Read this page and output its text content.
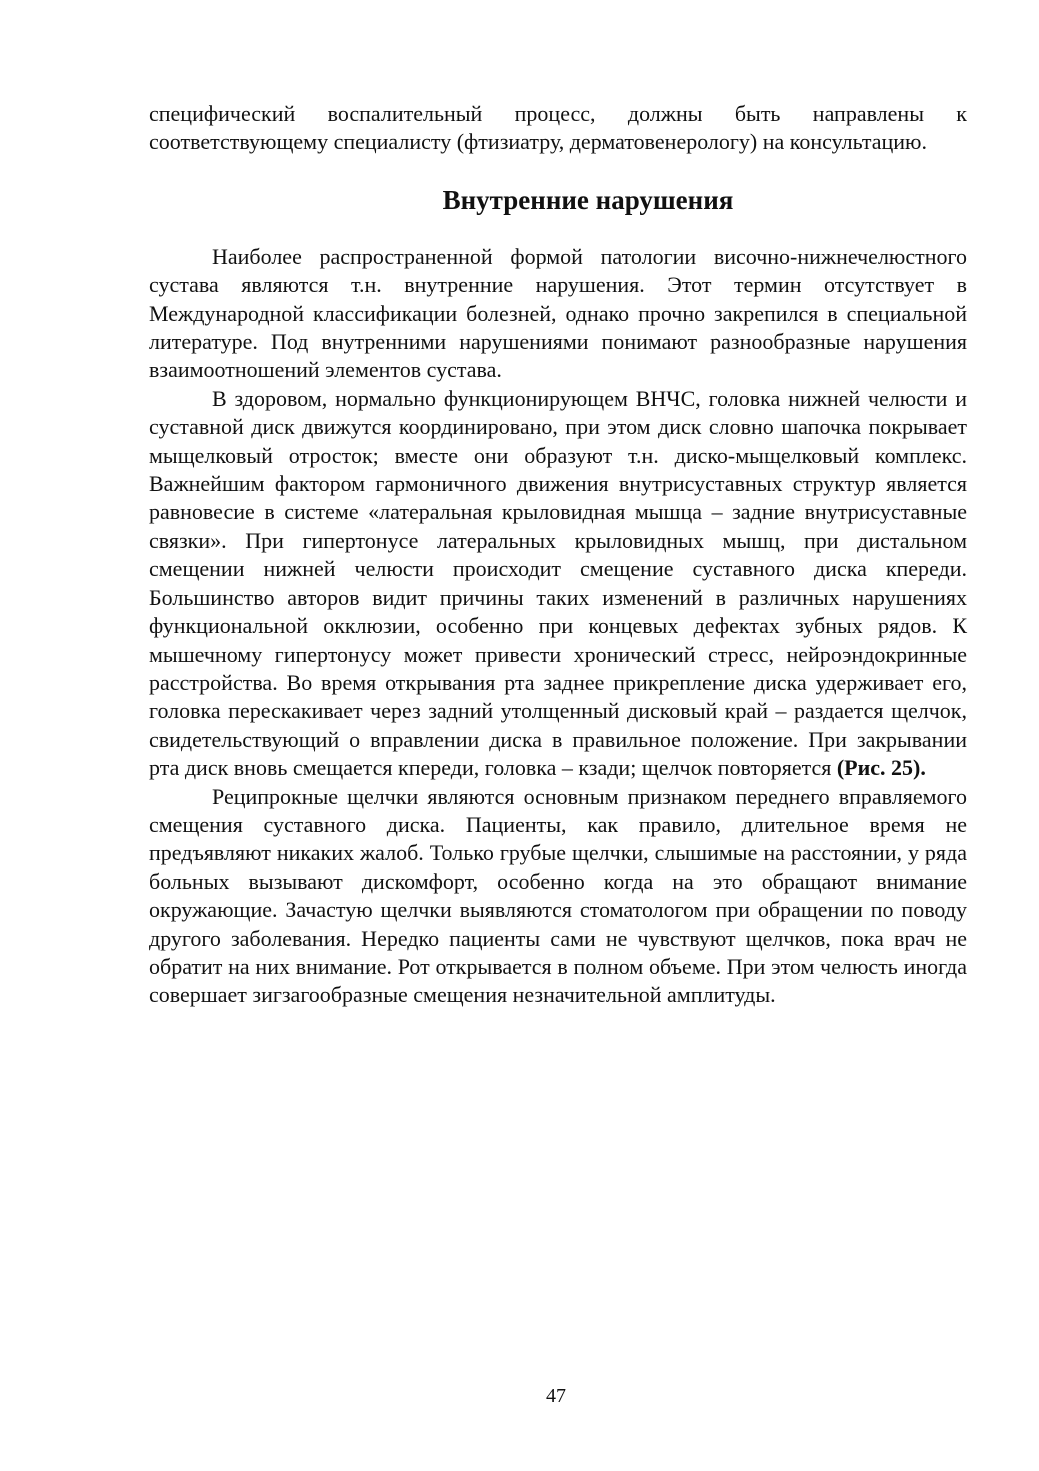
специфический воспалительный процесс, должны быть направлены к соответствующему специалисту (фтизиатру, дерматовенерологу) на консультацию.

Внутренние нарушения

Наиболее распространенной формой патологии височно-нижнечелюстного сустава являются т.н. внутренние нарушения. Этот термин отсутствует в Международной классификации болезней, однако прочно закрепился в специальной литературе. Под внутренними нарушениями понимают разнообразные нарушения взаимоотношений элементов сустава.

В здоровом, нормально функционирующем ВНЧС, головка нижней челюсти и суставной диск движутся координировано, при этом диск словно шапочка покрывает мыщелковый отросток; вместе они образуют т.н. диско-мыщелковый комплекс. Важнейшим фактором гармоничного движения внутрисуставных структур является равновесие в системе «латеральная крыловидная мышца – задние внутрисуставные связки». При гипертонусе латеральных крыловидных мышц, при дистальном смещении нижней челюсти происходит смещение суставного диска кпереди. Большинство авторов видит причины таких изменений в различных нарушениях функциональной окклюзии, особенно при концевых дефектах зубных рядов. К мышечному гипертонусу может привести хронический стресс, нейроэндокринные расстройства. Во время открывания рта заднее прикрепление диска удерживает его, головка перескакивает через задний утолщенный дисковый край – раздается щелчок, свидетельствующий о вправлении диска в правильное положение. При закрывании рта диск вновь смещается кпереди, головка – кзади; щелчок повторяется (Рис. 25).

Реципрокные щелчки являются основным признаком переднего вправляемого смещения суставного диска. Пациенты, как правило, длительное время не предъявляют никаких жалоб. Только грубые щелчки, слышимые на расстоянии, у ряда больных вызывают дискомфорт, особенно когда на это обращают внимание окружающие. Зачастую щелчки выявляются стоматологом при обращении по поводу другого заболевания. Нередко пациенты сами не чувствуют щелчков, пока врач не обратит на них внимание. Рот открывается в полном объеме. При этом челюсть иногда совершает зигзагообразные смещения незначительной амплитуды.

47
